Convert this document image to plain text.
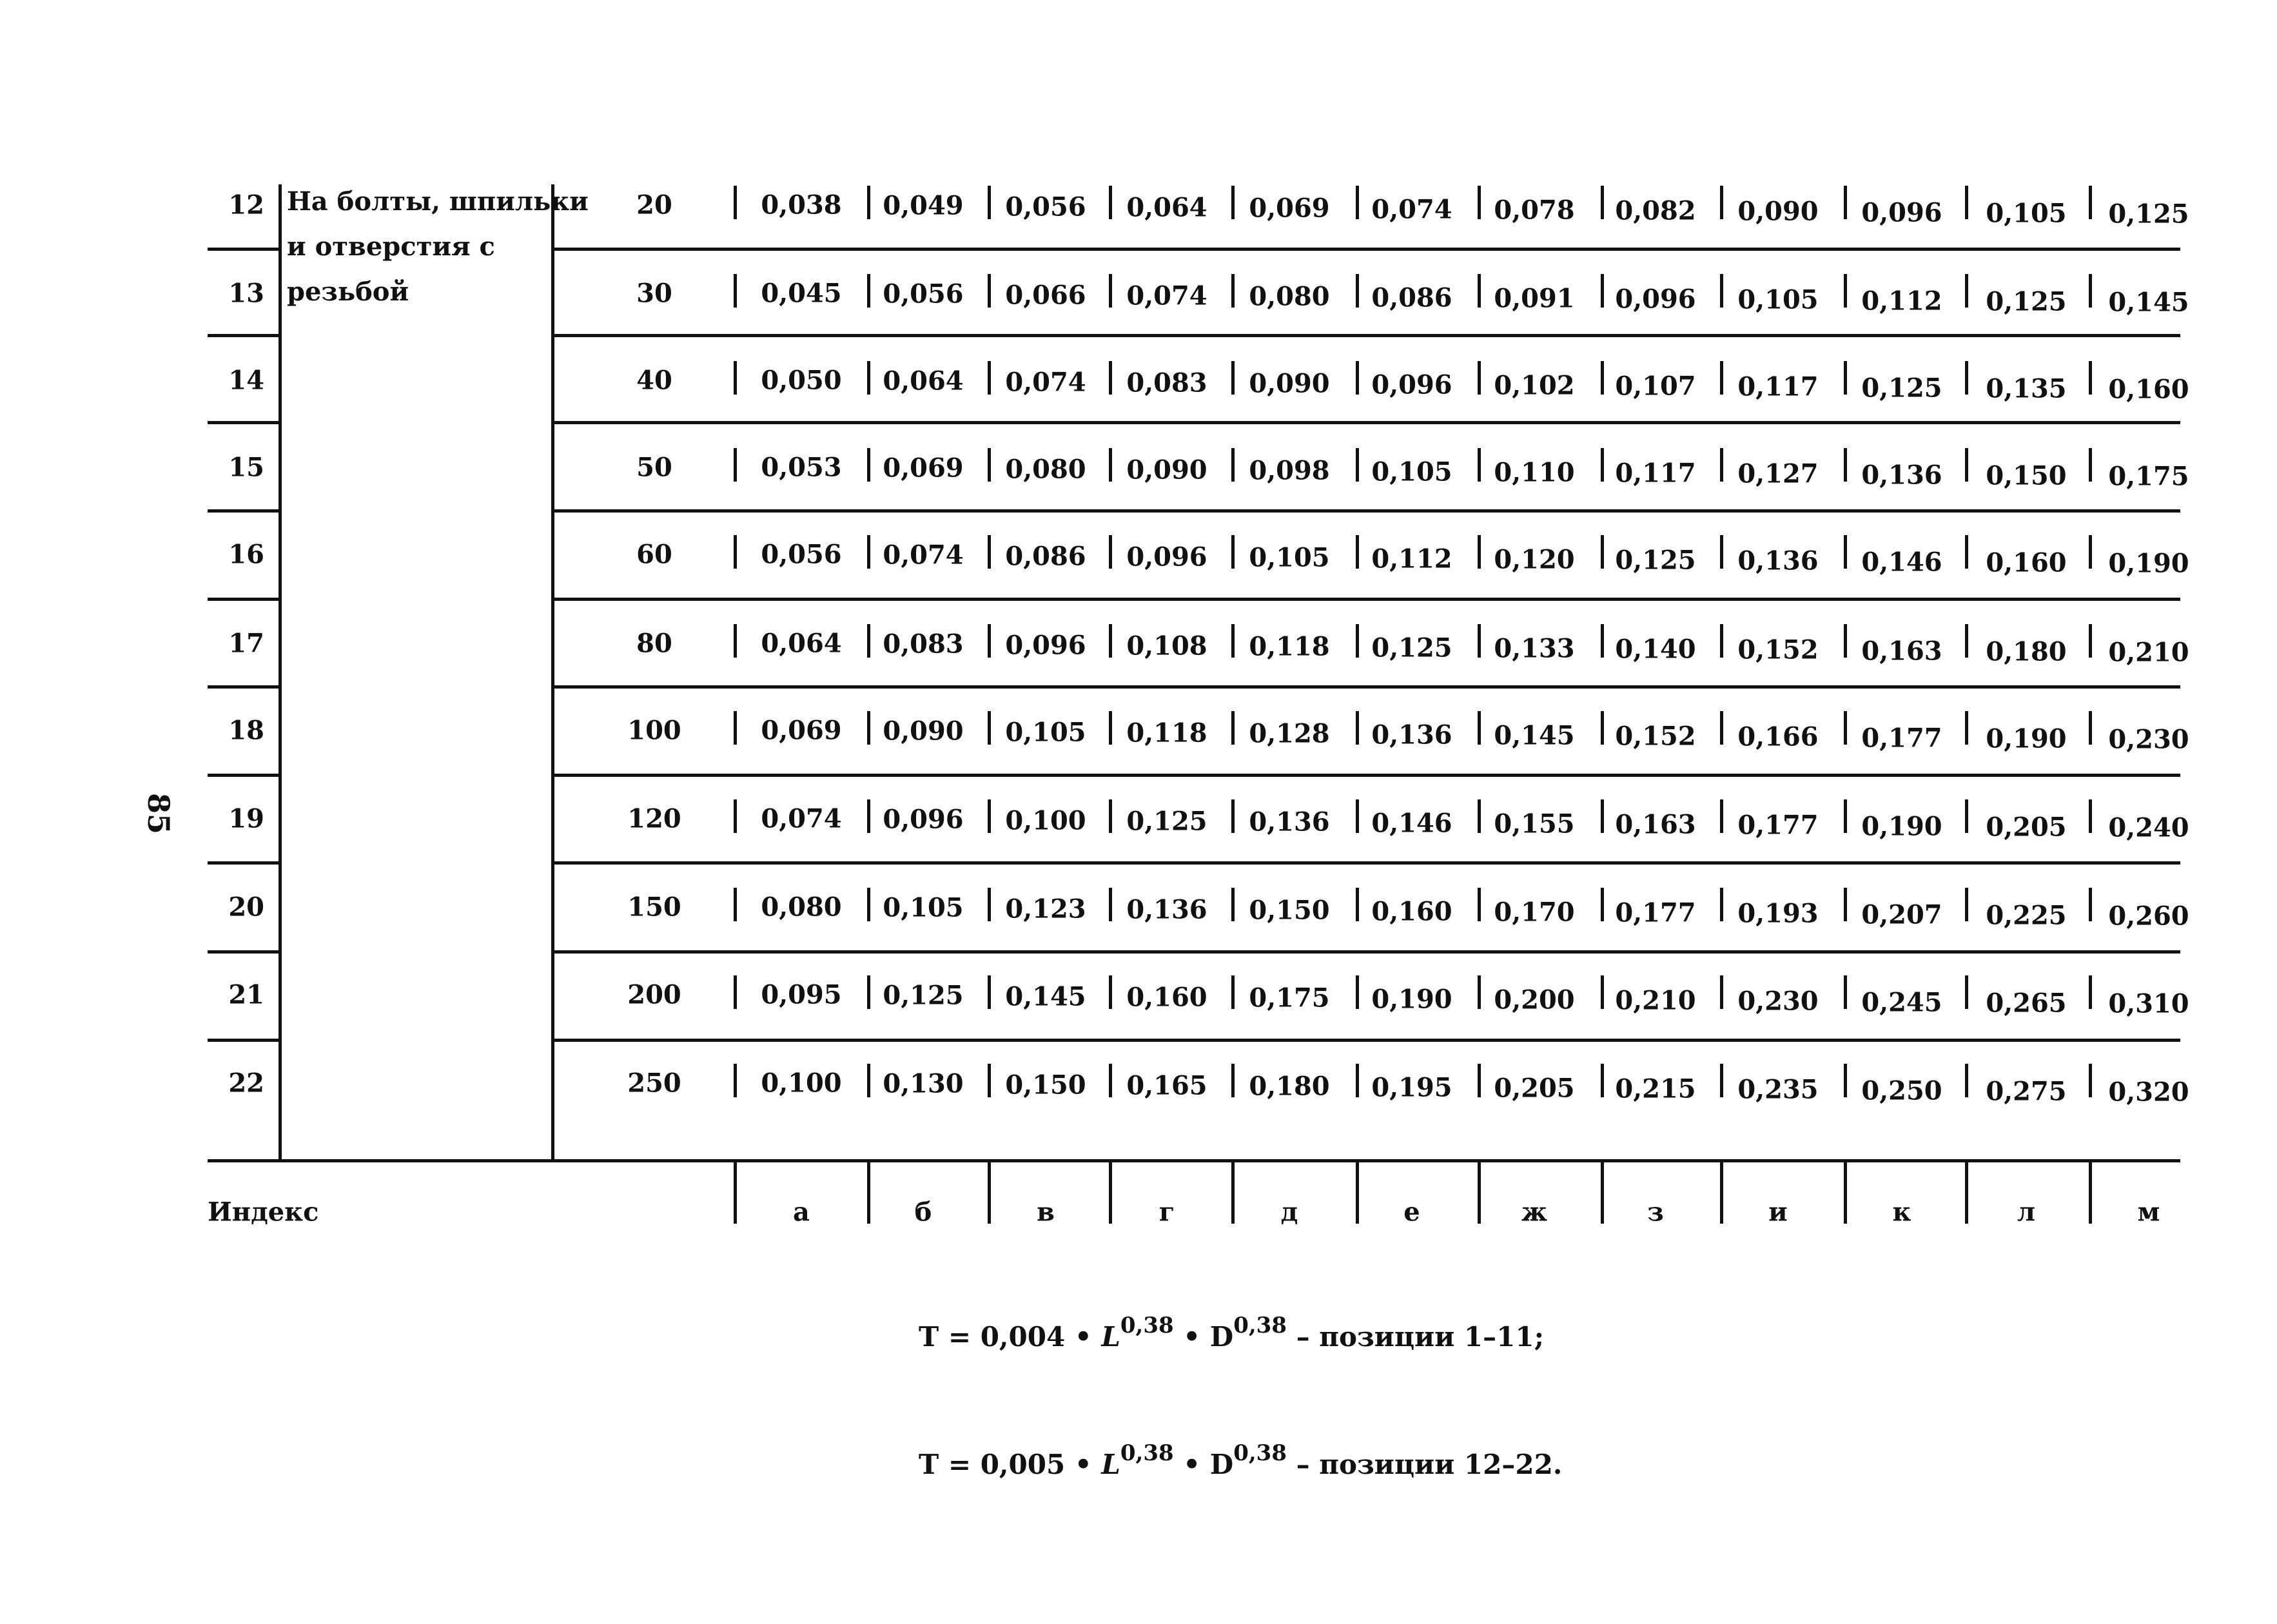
85
На болты, шпильки
и отверстия с
резьбой
12	20	0,038 0,049 0,056 0,064 0,069 0,074 0,078 0,082 0,090 0,096 0,105 0,125
13	30	0,045 0,056 0,066 0,074 0,080 0,086 0,091 0,096 0,105 0,112 0,125 0,145
14	40	0,050 0,064 0,074 0,083 0,090 0,096 0,102 0,107 0,117 0,125 0,135 0,160
15	50	0,053 0,069 0,080 0,090 0,098 0,105 0,110 0,117 0,127 0,136 0,150 0,175
16	60	0,056 0,074 0,086 0,096 0,105 0,112 0,120 0,125 0,136 0,146 0,160 0,190
17	80	0,064 0,083 0,096 0,108 0,118 0,125 0,133 0,140 0,152 0,163 0,180 0,210
18	100	0,069 0,090 0,105 0,118 0,128 0,136 0,145 0,152 0,166 0,177 0,190 0,230
19	120	0,074 0,096 0,100 0,125 0,136 0,146 0,155 0,163 0,177 0,190 0,205 0,240
20	150	0,080 0,105 0,123 0,136 0,150 0,160 0,170 0,177 0,193 0,207 0,225 0,260
21	200	0,095 0,125 0,145 0,160 0,175 0,190 0,200 0,210 0,230 0,245 0,265 0,310
22	250	0,100 0,130 0,150 0,165 0,180 0,195 0,205 0,215 0,235 0,250 0,275 0,320
Индекс	а	б	в	г	д	е	ж	з	и	к	л	м
T = 0,004 • L$^{0,38}$ • D$^{0,38}$ – позиции 1–11;
T = 0,005 • L$^{0,38}$ • D$^{0,38}$ – позиции 12–22.
